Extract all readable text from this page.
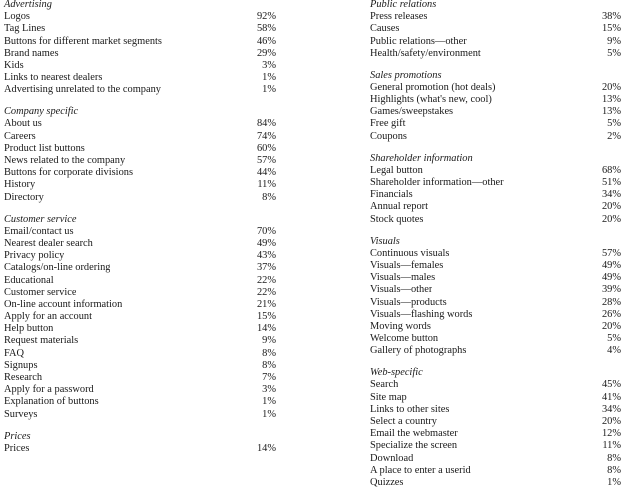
Advertising
Logos	92%
Tag Lines	58%
Buttons for different market segments	46%
Brand names	29%
Kids	3%
Links to nearest dealers	1%
Advertising unrelated to the company	1%
Company specific
About us	84%
Careers	74%
Product list buttons	60%
News related to the company	57%
Buttons for corporate divisions	44%
History	11%
Directory	8%
Customer service
Email/contact us	70%
Nearest dealer search	49%
Privacy policy	43%
Catalogs/on-line ordering	37%
Educational	22%
Customer service	22%
On-line account information	21%
Apply for an account	15%
Help button	14%
Request materials	9%
FAQ	8%
Signups	8%
Research	7%
Apply for a password	3%
Explanation of buttons	1%
Surveys	1%
Prices
Prices	14%
Public relations
Press releases	38%
Causes	15%
Public relations—other	9%
Health/safety/environment	5%
Sales promotions
General promotion (hot deals)	20%
Highlights (what's new, cool)	13%
Games/sweepstakes	13%
Free gift	5%
Coupons	2%
Shareholder information
Legal button	68%
Shareholder information—other	51%
Financials	34%
Annual report	20%
Stock quotes	20%
Visuals
Continuous visuals	57%
Visuals—females	49%
Visuals—males	49%
Visuals—other	39%
Visuals—products	28%
Visuals—flashing words	26%
Moving words	20%
Welcome button	5%
Gallery of photographs	4%
Web-specific
Search	45%
Site map	41%
Links to other sites	34%
Select a country	20%
Email the webmaster	12%
Specialize the screen	11%
Download	8%
A place to enter a userid	8%
Quizzes	1%
